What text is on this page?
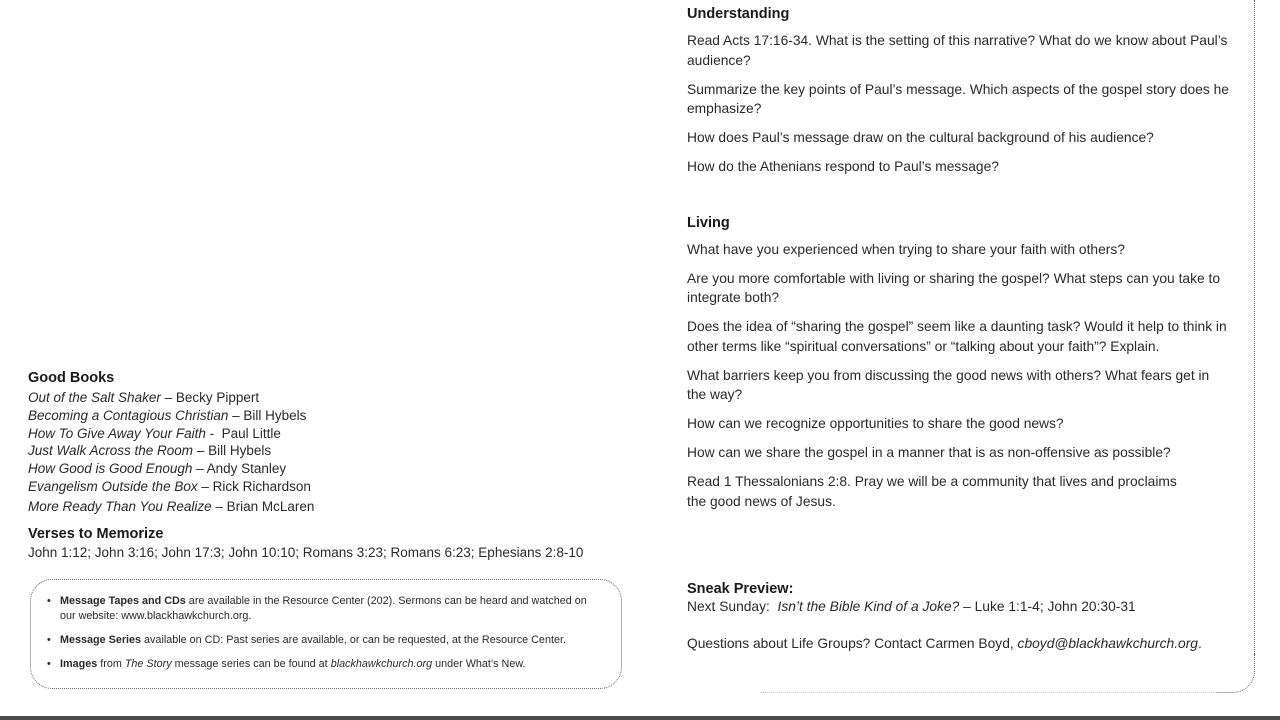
Good Books
Out of the Salt Shaker – Becky Pippert
Becoming a Contagious Christian – Bill Hybels
How To Give Away Your Faith -  Paul Little
Just Walk Across the Room – Bill Hybels
How Good is Good Enough – Andy Stanley
Evangelism Outside the Box – Rick Richardson
More Ready Than You Realize – Brian McLaren
Verses to Memorize
John 1:12; John 3:16; John 17:3; John 10:10; Romans 3:23; Romans 6:23; Ephesians 2:8-10
• Message Tapes and CDs are available in the Resource Center (202). Sermons can be heard and watched on our website: www.blackhawkchurch.org.
• Message Series available on CD: Past series are available, or can be requested, at the Resource Center.
• Images from The Story message series can be found at blackhawkchurch.org under What’s New.
Understanding

Read Acts 17:16-34. What is the setting of this narrative? What do we know about Paul’s audience?

Summarize the key points of Paul’s message. Which aspects of the gospel story does he emphasize?

How does Paul’s message draw on the cultural background of his audience?

How do the Athenians respond to Paul’s message?

Living

What have you experienced when trying to share your faith with others?

Are you more comfortable with living or sharing the gospel? What steps can you take to integrate both?

Does the idea of “sharing the gospel” seem like a daunting task? Would it help to think in other terms like “spiritual conversations” or “talking about your faith”? Explain.

What barriers keep you from discussing the good news with others? What fears get in the way?

How can we recognize opportunities to share the good news?

How can we share the gospel in a manner that is as non-offensive as possible?

Read 1 Thessalonians 2:8. Pray we will be a community that lives and proclaims the good news of Jesus.

Sneak Preview:
Next Sunday:  Isn’t the Bible Kind of a Joke? – Luke 1:1-4; John 20:30-31
Questions about Life Groups? Contact Carmen Boyd, cboyd@blackhawkchurch.org.
